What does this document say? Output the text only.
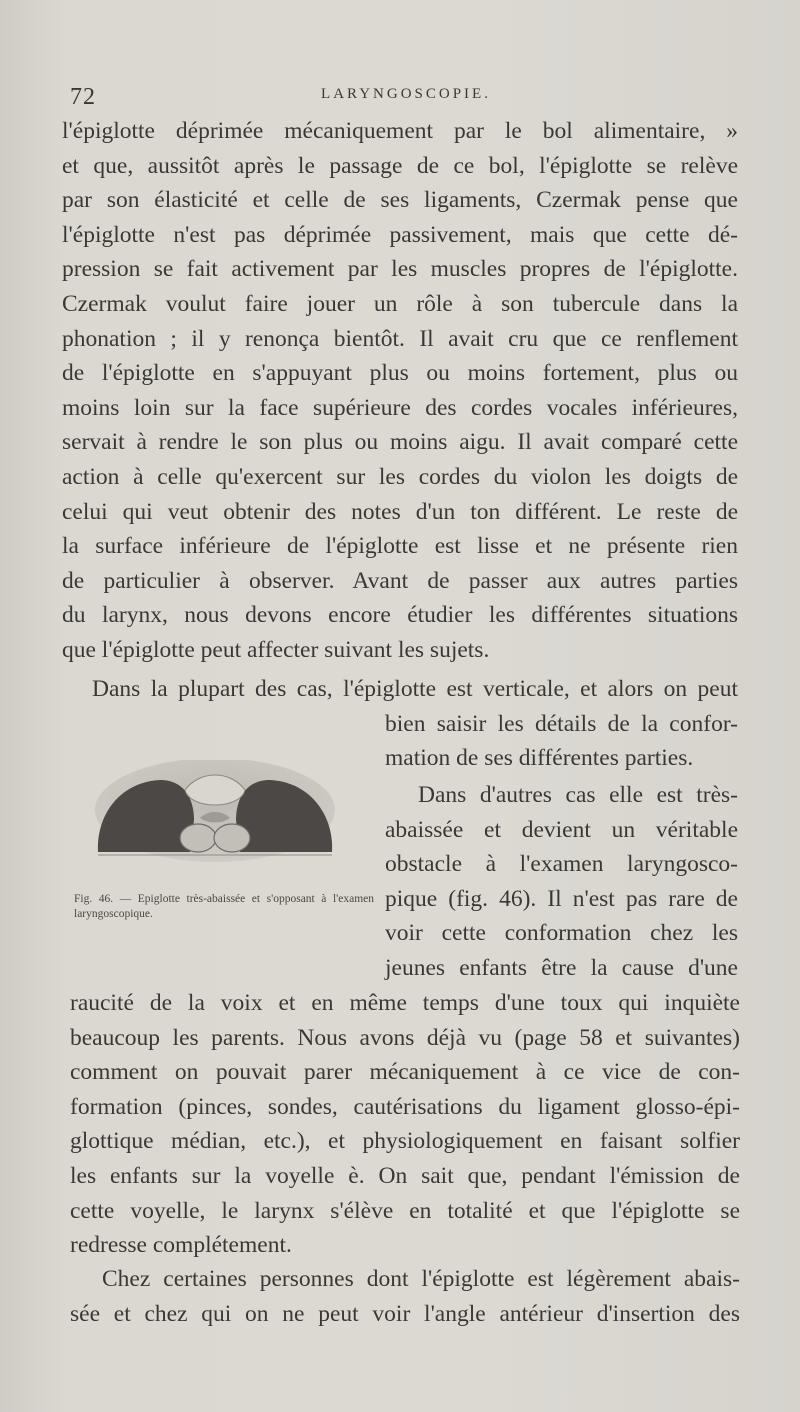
72	LARYNGOSCOPIE.
l'épiglotte déprimée mécaniquement par le bol alimentaire, »
et que, aussitôt après le passage de ce bol, l'épiglotte se relève
par son élasticité et celle de ses ligaments, Czermak pense que
l'épiglotte n'est pas déprimée passivement, mais que cette dé-
pression se fait activement par les muscles propres de l'épiglotte.
Czermak voulut faire jouer un rôle à son tubercule dans la
phonation ; il y renonça bientôt. Il avait cru que ce renflement
de l'épiglotte en s'appuyant plus ou moins fortement, plus ou
moins loin sur la face supérieure des cordes vocales inférieures,
servait à rendre le son plus ou moins aigu. Il avait comparé cette
action à celle qu'exercent sur les cordes du violon les doigts de
celui qui veut obtenir des notes d'un ton différent. Le reste de
la surface inférieure de l'épiglotte est lisse et ne présente rien
de particulier à observer. Avant de passer aux autres parties
du larynx, nous devons encore étudier les différentes situations
que l'épiglotte peut affecter suivant les sujets.
Dans la plupart des cas, l'épiglotte est verticale, et alors on peut
bien saisir les détails de la confor-
mation de ses différentes parties.
Dans d'autres cas elle est très-
abaissée et devient un véritable
obstacle à l'examen laryngosco-
pique (fig. 46). Il n'est pas rare de
voir cette conformation chez les
jeunes enfants être la cause d'une
raucité de la voix et en même temps d'une toux qui inquiète
beaucoup les parents. Nous avons déjà vu (page 58 et suivantes)
comment on pouvait parer mécaniquement à ce vice de con-
formation (pinces, sondes, cautérisations du ligament glosso-épi-
glottique médian, etc.), et physiologiquement en faisant solfier
les enfants sur la voyelle è. On sait que, pendant l'émission de
cette voyelle, le larynx s'élève en totalité et que l'épiglotte se
redresse complétement.
Chez certaines personnes dont l'épiglotte est légèrement abais-
sée et chez qui on ne peut voir l'angle antérieur d'insertion des
Fig. 46. — Epiglotte très-abaissée et s'opposant à l'examen laryngoscopique.
